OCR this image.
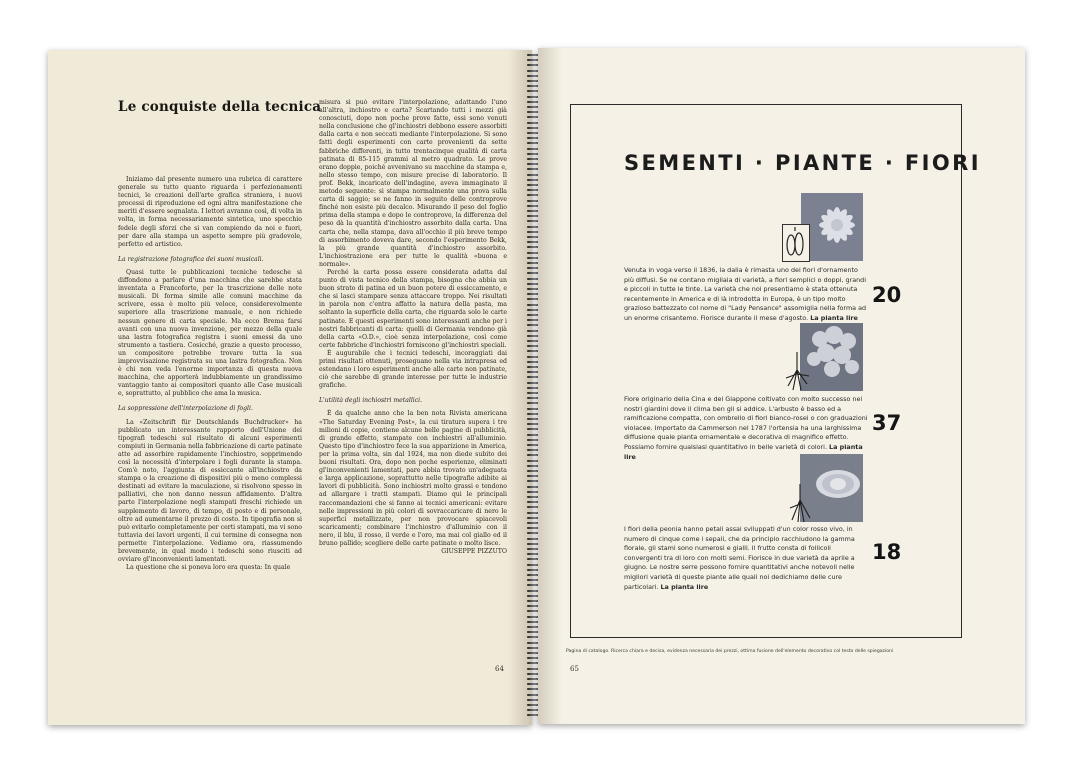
Le conquiste della tecnica

Iniziamo dal presente numero una rubrica di carattere generale su tutto quanto riguarda i perfezionamenti tecnici, le creazioni dell'arte grafica straniera, i nuovi processi di riproduzione ed ogni altra manifestazione che meriti d'essere segnalata. I lettori avranno così, di volta in volta, in forma necessariamente sintetica, uno specchio fedele degli sforzi che si van compiendo da noi e fuori, per dare alla stampa un aspetto sempre più gradevole, perfetto ed artistico.

La registrazione fotografica dei suoni musicali.

Quasi tutte le pubblicazioni tecniche tedesche si diffondono a parlare d'una macchina che sarebbe stata inventata a Francoforte, per la trascrizione delle note musicali. Di forma simile alle comuni macchine da scrivere, essa è molto più veloce, considerevolmente superiore alla trascrizione manuale, e non richiede nessun genere di carta speciale. Ma ecco Brema farsi avanti con una nuova invenzione, per mezzo della quale una lastra fotografica registra i suoni emessi da uno strumento a tastiera. Cosicché, grazie a questo processo, un compositore potrebbe trovare tutta la sua improvvisazione registrata su una lastra fotografica. Non è chi non veda l'enorme importanza di questa nuova macchina, che apporterà indubbiamente un grandissimo vantaggio tanto ai compositori quanto alle Case musicali e, soprattutto, al pubblico che ama la musica.

La soppressione dell'interpolazione di fogli.

La «Zeitschrift für Deutschlands Buchdrucker» ha pubblicato un interessante rapporto dell'Unione dei tipografi tedeschi sul risultato di alcuni esperimenti compiuti in Germania nella fabbricazione di carte patinate atte ad assorbire rapidamente l'inchiostro, sopprimendo così la necessità d'interpolare i fogli durante la stampa. Com'è noto, l'aggiunta di essiccante all'inchiostro da stampa o la creazione di dispositivi più o meno complessi destinati ad evitare la maculazione, si risolvono spesso in palliativi, che non danno nessun affidamento. D'altra parte l'interpolazione negli stampati freschi richiede un supplemento di lavoro, di tempo, di posto e di personale, oltre ad aumentarne il prezzo di costo. In tipografia non si può evitarlo completamente per certi stampati, ma vi sono tuttavia dei lavori urgenti, il cui termine di consegna non permette l'interpolazione. Vediamo ora, riassumendo brevemente, in qual modo i tedeschi sono riusciti ad ovviare gl'inconvenienti lamentati.

La questione che si poneva loro era questa: In quale

misura si può evitare l'interpolazione, adattando l'uno all'altra, inchiostro e carta? Scartando tutti i mezzi già conosciuti, dopo non poche prove fatte, essi sono venuti nella conclusione che gl'inchiostri debbono essere assorbiti dalla carta e non seccati mediante l'interpolazione. Si sono fatti degli esperimenti con carte provenienti da sette fabbriche differenti, in tutto trentacinque qualità di carta patinata di 85-115 grammi al metro quadrato. Le prove erano doppie, poiché avvenivano su macchine da stampa e, nello stesso tempo, con misure precise di laboratorio. Il prof. Bekk, incaricato dell'indagine, aveva immaginato il metodo seguente: si stampa normalmente una prova sulla carta di saggio; se ne fanno in seguito delle controprove finché non esiste più decalco. Misurando il peso del foglio prima della stampa e dopo le controprove, la differenza del peso dà la quantità d'inchiostro assorbito dalla carta. Una carta che, nella stampa, dava all'occhio il più breve tempo di assorbimento doveva dare, secondo l'esperimento Bekk, la più grande quantità d'inchiostro assorbito. L'inchiostrazione era per tutte le qualità «buona e normale».

Perché la carta possa essere considerata adatta dal punto di vista tecnico della stampa, bisogna che abbia un buon strato di patina ed un buon potere di essiccamento, e che si lasci stampare senza attaccare troppo. Nei risultati in parola non c'entra affatto la natura della pasta, ma soltanto la superficie della carta, che riguarda solo le carte patinate. E questi esperimenti sono interessanti anche per i nostri fabbricanti di carta: quelli di Germania vendono già della carta «O.D.», cioè senza interpolazione, così come certe fabbriche d'inchiostri forniscono gl'inchiostri speciali.

È augurabile che i tecnici tedeschi, incoraggiati dai primi risultati ottenuti, proseguano nella via intrapresa ed estendano i loro esperimenti anche alle carte non patinate, ciò che sarebbe di grande interesse per tutte le industrie grafiche.

L'utilità degli inchiostri metallici.

È da qualche anno che la ben nota Rivista americana «The Saturday Evening Post», la cui tiratura supera i tre milioni di copie, contiene alcune belle pagine di pubblicità, di grande effetto, stampate con inchiostri all'alluminio. Questo tipo d'inchiostro fece la sua apparizione in America, per la prima volta, sin dal 1924, ma non diede subito dei buoni risultati. Ora, dopo non poche esperienze, eliminati gl'inconvenienti lamentati, pare abbia trovato un'adeguata e larga applicazione, soprattutto nelle tipografie adibite ai lavori di pubblicità. Sono inchiostri molto grassi e tendono ad allargare i tratti stampati. Diamo qui le principali raccomandazioni che si fanno ai tecnici americani: evitare nelle impressioni in più colori di sovraccaricare di nero le superfici metallizzate, per non provocare spiacevoli scaricamenti; combinare l'inchiostro d'alluminio con il nero, il blu, il rosso, il verde e l'oro, ma mai col giallo ed il bruno pallido; scegliere delle carte patinate o molto lisce.

GIUSEPPE PIZZUTO

64
SEMENTI · PIANTE · FIORI
Venuta in voga verso il 1836, la dalia è rimasta uno dei fiori d'ornamento più diffusi. Se ne contano migliaia di varietà, a fiori semplici o doppi, grandi e piccoli in tutte le tinte. La varietà che noi presentiamo è stata ottenuta recentemente in America e di là introdotta in Europa, è un tipo molto grazioso battezzato col nome di "Lady Pensance" assomiglia nella forma ad un enorme crisantemo. Fiorisce durante il mese d'agosto. La pianta lire
20
Fiore originario della Cina e del Giappone coltivato con molto successo nei nostri giardini dove il clima ben gli si addice. L'arbusto è basso ed a ramificazione compatta, con ombrello di fiori bianco-rosei o con graduazioni violacee. Importato da Cammerson nel 1787 l'ortensia ha una larghissima diffusione quale pianta ornamentale e decorativa di magnifico effetto. Possiamo fornire qualsiasi quantitativo in belle varietà di colori. La pianta lire
37
I fiori della peonia hanno petali assai sviluppati d'un color rosso vivo, in numero di cinque come i sepali, che da principio racchiudono la gamma florale, gli stami sono numerosi e gialli. Il frutto consta di follicoli convergenti tra di loro con molti semi. Fiorisce in due varietà da aprile a giugno. Le nostre serre possono fornire quantitativi anche notevoli nelle migliori varietà di queste piante alle quali noi dedichiamo delle cure particolari. La pianta lire
18
Pagina di catalogo. Ricerca chiara e decisa, evidenza necessaria dei prezzi, ottima fusione dell'elemento decorativo col testo delle spiegazioni
65
